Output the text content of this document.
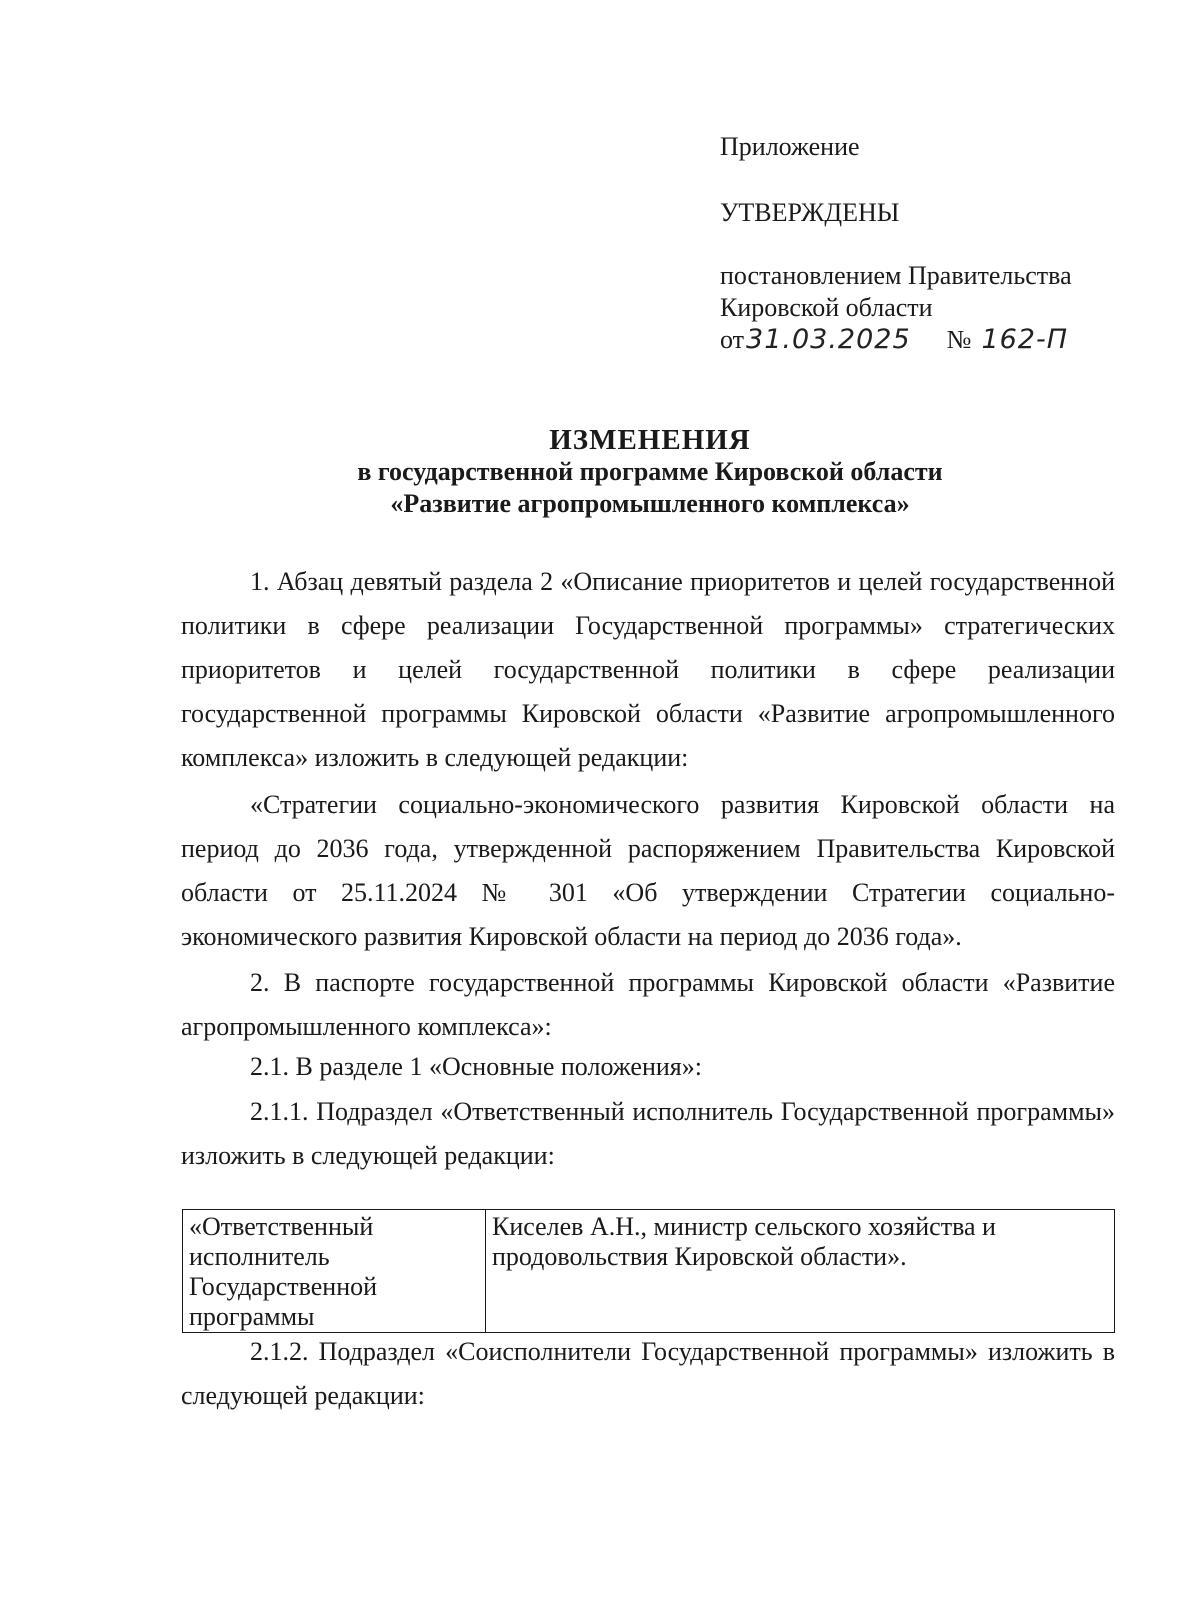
Приложение
УТВЕРЖДЕНЫ
постановлением Правительства
Кировской области
от31.03.2025 № 162-П
ИЗМЕНЕНИЯ
в государственной программе Кировской области
«Развитие агропромышленного комплекса»

1. Абзац девятый раздела 2 «Описание приоритетов и целей государственной политики в сфере реализации Государственной программы» стратегических приоритетов и целей государственной политики в сфере реализации государственной программы Кировской области «Развитие агропромышленного комплекса» изложить в следующей редакции:

«Стратегии социально-экономического развития Кировской области на период до 2036 года, утвержденной распоряжением Правительства Кировской области от 25.11.2024 № 301 «Об утверждении Стратегии социально-экономического развития Кировской области на период до 2036 года».

2. В паспорте государственной программы Кировской области «Развитие агропромышленного комплекса»:

2.1. В разделе 1 «Основные положения»:

2.1.1. Подраздел «Ответственный исполнитель Государственной программы» изложить в следующей редакции:

«Ответственный исполнитель Государственной программы	Киселев А.Н., министр сельского хозяйства и продовольствия Кировской области».

2.1.2. Подраздел «Соисполнители Государственной программы» изложить в следующей редакции:
